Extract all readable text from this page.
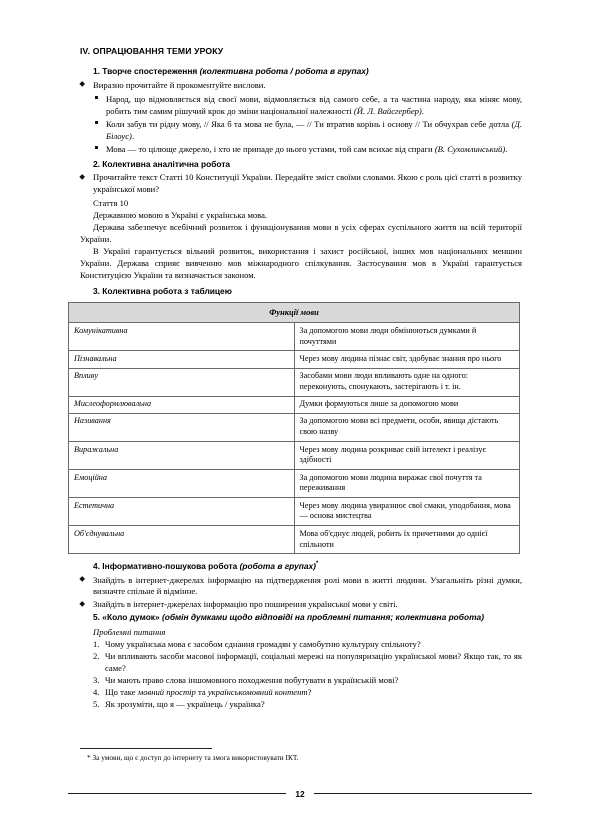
IV. ОПРАЦЮВАННЯ ТЕМИ УРОКУ
1. Творче спостереження (колективна робота / робота в групах)
Виразно прочитайте й прокоментуйте вислови.
Народ, що відмовляється від своєї мови, відмовляється від самого себе, а та частина народу, яка міняє мову, робить тим самим рішучий крок до зміни національної належності (Й. Л. Вайсгербер).
Коли забув ти рідну мову, // Яка б та мова не була, — // Ти втратив корінь і основу // Ти обчухрав себе дотла (Д. Білоус).
Мова — то цілюще джерело, і хто не припаде до нього устами, той сам всихає від спраги (В. Сухомлинський).
2. Колективна аналітична робота
Прочитайте текст Статті 10 Конституції України. Передайте зміст своїми словами. Якою є роль цієї статті в розвитку української мови?
Стаття 10
Державною мовою в Україні є українська мова.
Держава забезпечує всебічний розвиток і функціонування мови в усіх сферах суспільного життя на всій території України.
В Україні гарантується вільний розвиток, використання і захист російської, інших мов національних меншин України. Держава сприяє вивченню мов міжнародного спілкування. Застосування мов в Україні гарантується Конституцією України та визначається законом.
3. Колективна робота з таблицею
Функції мови	
Комунікативна	За допомогою мови люди обмінюються думками й почуттями
Пізнавальна	Через мову людина пізнає світ, здобуває знання про нього
Впливу	Засобами мови люди впливають одне на одного: переконують, спонукають, застерігають і т. ін.
Мислеоформлювальна	Думки формуються лише за допомогою мови
Називання	За допомогою мови всі предмети, особи, явища дістають свою назву
Виражальна	Через мову людина розкриває свій інтелект і реалізує здібності
Емоційна	За допомогою мови людина виражає свої почуття та переживання
Естетична	Через мову людина увиразнює свої смаки, уподобання, мова — основа мистецтва
Об'єднувальна	Мова об'єднує людей, робить їх причетними до однієї спільноти
4. Інформативно-пошукова робота (робота в групах)*
Знайдіть в інтернет-джерелах інформацію на підтвердження ролі мови в житті людини. Узагальніть різні думки, визначте спільне й відмінне.
Знайдіть в інтернет-джерелах інформацію про поширення української мови у світі.
5. «Коло думок» (обмін думками щодо відповіді на проблемні питання; колективна робота)
Проблемні питання
1. Чому українська мова є засобом єднання громадян у самобутню культурну спільноту?
2. Чи впливають засоби масової інформації, соціальні мережі на популяризацію української мови? Якщо так, то як саме?
3. Чи мають право слова іншомовного походження побутувати в українській мові?
4. Що таке мовний простір та українськомовний контент?
5. Як зрозуміти, що я — українець / українка?
* За умови, що є доступ до інтернету та змога використовувати ІКТ.
12
